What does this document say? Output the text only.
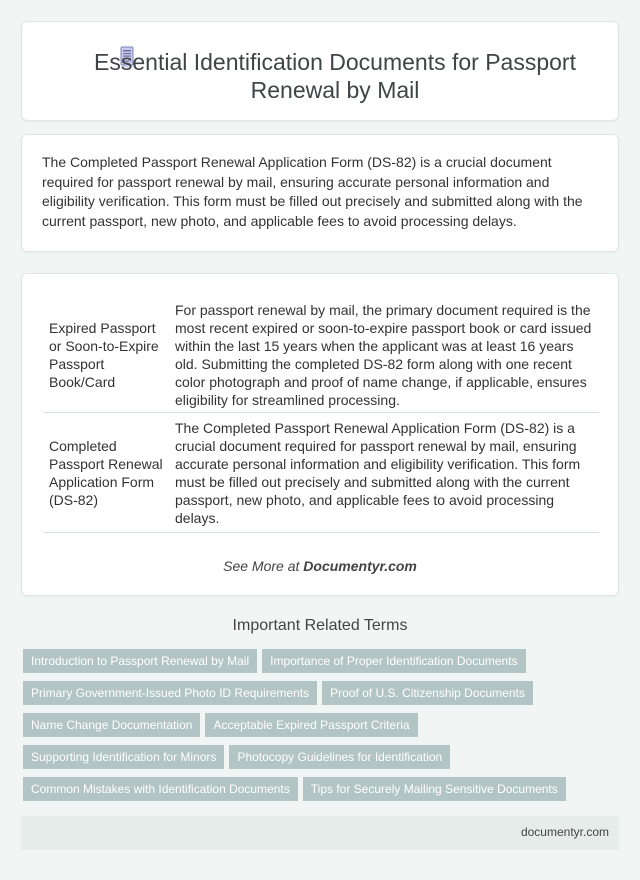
Essential Identification Documents for Passport Renewal by Mail

The Completed Passport Renewal Application Form (DS-82) is a crucial document required for passport renewal by mail, ensuring accurate personal information and eligibility verification. This form must be filled out precisely and submitted along with the current passport, new photo, and applicable fees to avoid processing delays.

Expired Passport or Soon-to-Expire Passport Book/Card	For passport renewal by mail, the primary document required is the most recent expired or soon-to-expire passport book or card issued within the last 15 years when the applicant was at least 16 years old. Submitting the completed DS-82 form along with one recent color photograph and proof of name change, if applicable, ensures eligibility for streamlined processing.
Completed Passport Renewal Application Form (DS-82)	The Completed Passport Renewal Application Form (DS-82) is a crucial document required for passport renewal by mail, ensuring accurate personal information and eligibility verification. This form must be filled out precisely and submitted along with the current passport, new photo, and applicable fees to avoid processing delays.
See More at Documentyr.com
Important Related Terms
Introduction to Passport Renewal by Mail Importance of Proper Identification Documents
Primary Government-Issued Photo ID Requirements Proof of U.S. Citizenship Documents
Name Change Documentation Acceptable Expired Passport Criteria
Supporting Identification for Minors Photocopy Guidelines for Identification
Common Mistakes with Identification Documents Tips for Securely Mailing Sensitive Documents
documentyr.com
